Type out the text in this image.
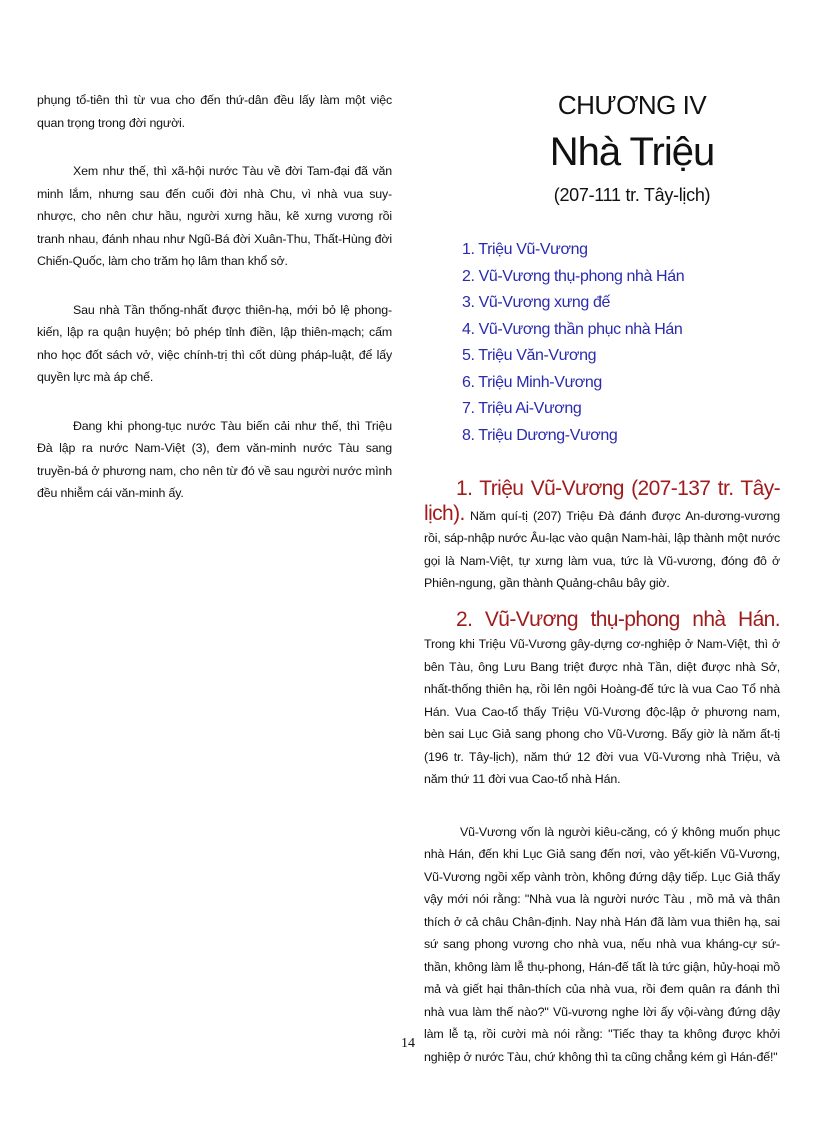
phụng tổ-tiên thì từ vua cho đến thứ-dân đều lấy làm một việc quan trọng trong đời người.

Xem như thế, thì xã-hội nước Tàu về đời Tam-đại đã văn minh lắm, nhưng sau đến cuối đời nhà Chu, vì nhà vua suy-nhược, cho nên chư hầu, người xưng hầu, kẽ xưng vương rồi tranh nhau, đánh nhau như Ngũ-Bá đời Xuân-Thu, Thất-Hùng đời Chiến-Quốc, làm cho trăm họ lâm than khổ sở.

Sau nhà Tần thống-nhất được thiên-hạ, mới bỏ lệ phong-kiến, lập ra quận huyện; bỏ phép tỉnh điền, lập thiên-mạch; cấm nho học đốt sách vở, việc chính-trị thì cốt dùng pháp-luật, để lấy quyền lực mà áp chế.

Đang khi phong-tục nước Tàu biến cải như thế, thì Triệu Đà lập ra nước Nam-Việt (3), đem văn-minh nước Tàu sang truyền-bá ở phương nam, cho nên từ đó về sau người nước mình đều nhiễm cái văn-minh ấy.

CHƯƠNG IV
Nhà Triệu
(207-111 tr. Tây-lịch)
1. Triệu Vũ-Vương
2. Vũ-Vương thụ-phong nhà Hán
3. Vũ-Vương xưng đế
4. Vũ-Vương thần phục nhà Hán
5. Triệu Văn-Vương
6. Triệu Minh-Vương
7. Triệu Ai-Vương
8. Triệu Dương-Vương

1. Triệu Vũ-Vương (207-137 tr. Tây-lịch). Năm quí-tị (207) Triệu Đà đánh được An-dương-vương rồi, sáp-nhập nước Âu-lạc vào quận Nam-hài, lập thành một nước gọi là Nam-Việt, tự xưng làm vua, tức là Vũ-vương, đóng đô ở Phiên-ngung, gần thành Quảng-châu bây giờ.

2. Vũ-Vương thụ-phong nhà Hán. Trong khi Triệu Vũ-Vương gây-dựng cơ-nghiệp ở Nam-Việt, thì ở bên Tàu, ông Lưu Bang triệt được nhà Tần, diệt được nhà Sở, nhất-thống thiên hạ, rồi lên ngôi Hoàng-đế tức là vua Cao Tổ nhà Hán. Vua Cao-tổ thấy Triệu Vũ-Vương độc-lập ở phương nam, bèn sai Lục Giả sang phong cho Vũ-Vương. Bấy giờ là năm ất-tị (196 tr. Tây-lịch), năm thứ 12 đời vua Vũ-Vương nhà Triệu, và năm thứ 11 đời vua Cao-tổ nhà Hán.

Vũ-Vương vốn là người kiêu-căng, có ý không muốn phục nhà Hán, đến khi Lục Giả sang đến nơi, vào yết-kiến Vũ-Vương, Vũ-Vương ngồi xếp vành tròn, không đứng dậy tiếp. Lục Giả thấy vậy mới nói rằng: "Nhà vua là người nước Tàu , mồ mả và thân thích ở cả châu Chân-định. Nay nhà Hán đã làm vua thiên hạ, sai sứ sang phong vương cho nhà vua, nếu nhà vua kháng-cự sứ-thần, không làm lễ thụ-phong, Hán-đế tất là tức giận, hủy-hoại mồ mả và giết hại thân-thích của nhà vua, rồi đem quân ra đánh thì nhà vua làm thế nào?" Vũ-vương nghe lời ấy vội-vàng đứng dậy làm lễ tạ, rồi cười mà nói rằng: "Tiếc thay ta không được khởi nghiệp ở nước Tàu, chứ không thì ta cũng chẳng kém gì Hán-đế!"

14
